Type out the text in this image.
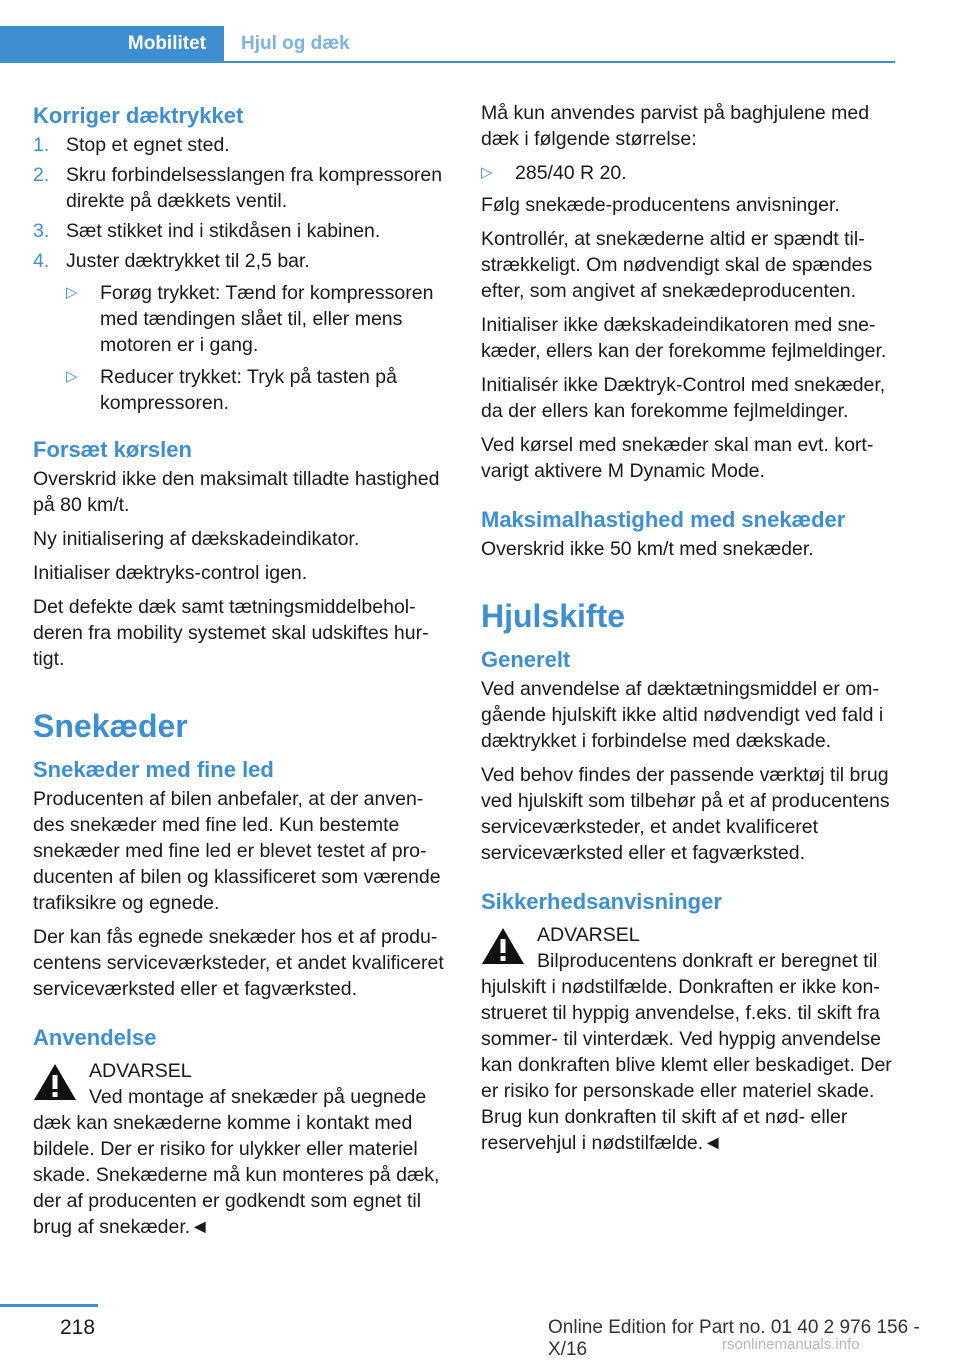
Mobilitet	Hjul og dæk
Korriger dæktrykket
1. Stop et egnet sted.
2. Skru forbindelsesslangen fra kompressoren direkte på dækkets ventil.
3. Sæt stikket ind i stikdåsen i kabinen.
4. Juster dæktrykket til 2,5 bar.
▷ Forøg trykket: Tænd for kompressoren med tændingen slået til, eller mens motoren er i gang.
▷ Reducer trykket: Tryk på tasten på kompressoren.
Forsæt kørslen

Overskrid ikke den maksimalt tilladte hastighed på 80 km/t.

Ny initialisering af dækskadeindikator.

Initialiser dæktryks-control igen.

Det defekte dæk samt tætningsmiddelbeholderen fra mobility systemet skal udskiftes hurtigt.

Snekæder
Snekæder med fine led

Producenten af bilen anbefaler, at der anvendes snekæder med fine led. Kun bestemte snekæder med fine led er blevet testet af producenten af bilen og klassificeret som værende trafiksikre og egnede.

Der kan fås egnede snekæder hos et af producentens serviceværksteder, et andet kvalificeret serviceværksted eller et fagværksted.

Anvendelse
ADVARSEL
Ved montage af snekæder på uegnede dæk kan snekæderne komme i kontakt med bildele. Der er risiko for ulykker eller materiel skade. Snekæderne må kun monteres på dæk, der af producenten er godkendt som egnet til brug af snekæder.◄

Må kun anvendes parvist på baghjulene med dæk i følgende størrelse:

▷ 285/40 R 20.

Følg snekæde-producentens anvisninger.

Kontrollér, at snekæderne altid er spændt tilstrækkeligt. Om nødvendigt skal de spændes efter, som angivet af snekædeproducenten.

Initialiser ikke dækskadeindikatoren med snekæder, ellers kan der forekomme fejlmeldinger.

Initialisér ikke Dæktryk-Control med snekæder, da der ellers kan forekomme fejlmeldinger.

Ved kørsel med snekæder skal man evt. kortvarigt aktivere M Dynamic Mode.

Maksimalhastighed med snekæder

Overskrid ikke 50 km/t med snekæder.

Hjulskifte
Generelt

Ved anvendelse af dæktætningsmiddel er omgående hjulskift ikke altid nødvendigt ved fald i dæktrykket i forbindelse med dækskade.

Ved behov findes der passende værktøj til brug ved hjulskift som tilbehør på et af producentens serviceværksteder, et andet kvalificeret serviceværksted eller et fagværksted.

Sikkerhedsanvisninger
ADVARSEL
Bilproducentens donkraft er beregnet til hjulskift i nødstilfælde. Donkraften er ikke konstrueret til hyppig anvendelse, f.eks. til skift fra sommer- til vinterdæk. Ved hyppig anvendelse kan donkraften blive klemt eller beskadiget. Der er risiko for personskade eller materiel skade. Brug kun donkraften til skift af et nød- eller reservehjul i nødstilfælde.◄
218	Online Edition for Part no. 01 40 2 976 156 - X/16	rsonlinemanuals.info
